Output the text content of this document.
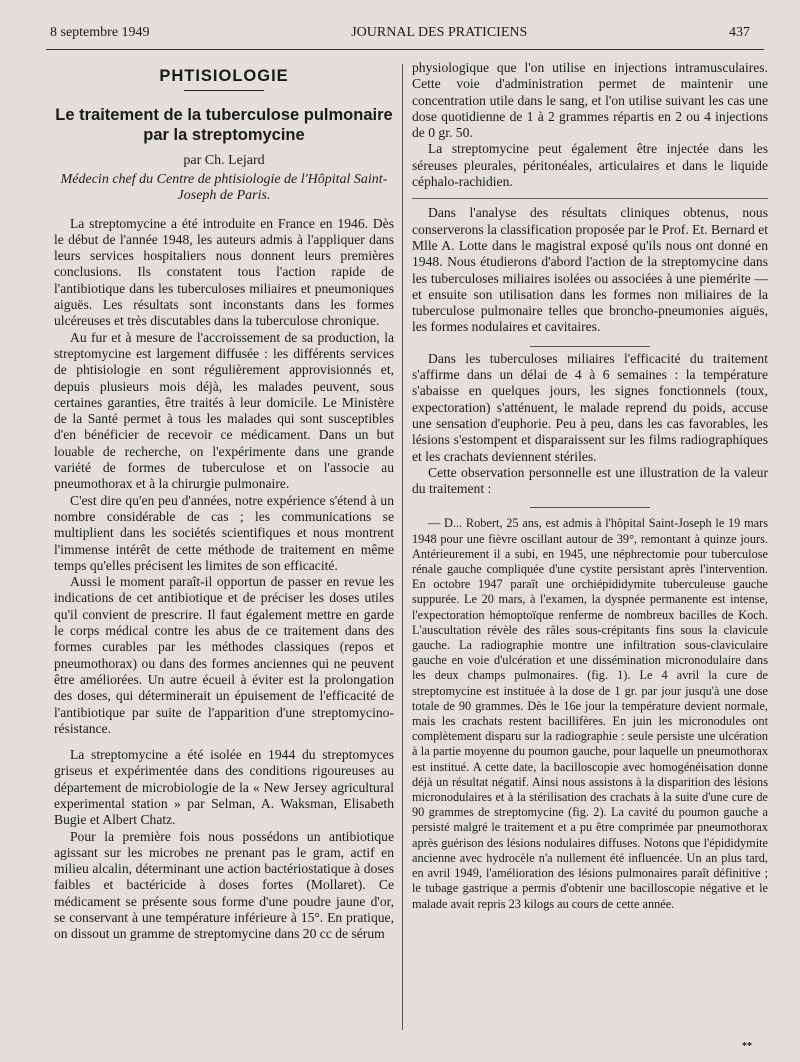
8 septembre 1949	JOURNAL DES PRATICIENS	437
PHTISIOLOGIE
Le traitement de la tuberculose pulmonaire par la streptomycine
par Ch. Lejard
Médecin chef du Centre de phtisiologie de l'Hôpital Saint-Joseph de Paris.

La streptomycine a été introduite en France en 1946. Dès le début de l'année 1948, les auteurs admis à l'appliquer dans leurs services hospitaliers nous donnent leurs premières conclusions. Ils constatent tous l'action rapide de l'antibiotique dans les tuberculoses miliaires et pneumoniques aiguës. Les résultats sont inconstants dans les formes ulcéreuses et très discutables dans la tuberculose chronique.

Au fur et à mesure de l'accroissement de sa production, la streptomycine est largement diffusée : les différents services de phtisiologie en sont régulièrement approvisionnés et, depuis plusieurs mois déjà, les malades peuvent, sous certaines garanties, être traités à leur domicile. Le Ministère de la Santé permet à tous les malades qui sont susceptibles d'en bénéficier de recevoir ce médicament. Dans un but louable de recherche, on l'expérimente dans une grande variété de formes de tuberculose et on l'associe au pneumothorax et à la chirurgie pulmonaire.

C'est dire qu'en peu d'années, notre expérience s'étend à un nombre considérable de cas ; les communications se multiplient dans les sociétés scientifiques et nous montrent l'immense intérêt de cette méthode de traitement en même temps qu'elles précisent les limites de son efficacité.

Aussi le moment paraît-il opportun de passer en revue les indications de cet antibiotique et de préciser les doses utiles qu'il convient de prescrire. Il faut également mettre en garde le corps médical contre les abus de ce traitement dans des formes curables par les méthodes classiques (repos et pneumothorax) ou dans des formes anciennes qui ne peuvent être améliorées. Un autre écueil à éviter est la prolongation des doses, qui déterminerait un épuisement de l'efficacité de l'antibiotique par suite de l'apparition d'une streptomycino-résistance.

La streptomycine a été isolée en 1944 du streptomyces griseus et expérimentée dans des conditions rigoureuses au département de microbiologie de la « New Jersey agricultural experimental station » par Selman, A. Waksman, Elisabeth Bugie et Albert Chatz.

Pour la première fois nous possédons un antibiotique agissant sur les microbes ne prenant pas le gram, actif en milieu alcalin, déterminant une action bactériostatique à doses faibles et bactéricide à doses fortes (Mollaret). Ce médicament se présente sous forme d'une poudre jaune d'or, se conservant à une température inférieure à 15°. En pratique, on dissout un gramme de streptomycine dans 20 cc de sérum

physiologique que l'on utilise en injections intramusculaires. Cette voie d'administration permet de maintenir une concentration utile dans le sang, et l'on utilise suivant les cas une dose quotidienne de 1 à 2 grammes répartis en 2 ou 4 injections de 0 gr. 50.

La streptomycine peut également être injectée dans les séreuses pleurales, péritonéales, articulaires et dans le liquide céphalo-rachidien.

Dans l'analyse des résultats cliniques obtenus, nous conserverons la classification proposée par le Prof. Et. Bernard et Mlle A. Lotte dans le magistral exposé qu'ils nous ont donné en 1948. Nous étudierons d'abord l'action de la streptomycine dans les tuberculoses miliaires isolées ou associées à une piemérite — et ensuite son utilisation dans les formes non miliaires de la tuberculose pulmonaire telles que broncho-pneumonies aiguës, les formes nodulaires et cavitaires.

Dans les tuberculoses miliaires l'efficacité du traitement s'affirme dans un délai de 4 à 6 semaines : la température s'abaisse en quelques jours, les signes fonctionnels (toux, expectoration) s'atténuent, le malade reprend du poids, accuse une sensation d'euphorie. Peu à peu, dans les cas favorables, les lésions s'estompent et disparaissent sur les films radiographiques et les crachats deviennent stériles.

Cette observation personnelle est une illustration de la valeur du traitement :

— D... Robert, 25 ans, est admis à l'hôpital Saint-Joseph le 19 mars 1948 pour une fièvre oscillant autour de 39°, remontant à quinze jours. Antérieurement il a subi, en 1945, une néphrectomie pour tuberculose rénale gauche compliquée d'une cystite persistant après l'intervention. En octobre 1947 paraît une orchiépididymite tuberculeuse gauche suppurée. Le 20 mars, à l'examen, la dyspnée permanente est intense, l'expectoration hémoptoïque renferme de nombreux bacilles de Koch. L'auscultation révèle des râles sous-crépitants fins sous la clavicule gauche. La radiographie montre une infiltration sous-claviculaire gauche en voie d'ulcération et une dissémination micronodulaire dans les deux champs pulmonaires. (fig. 1). Le 4 avril la cure de streptomycine est instituée à la dose de 1 gr. par jour jusqu'à une dose totale de 90 grammes. Dès le 16e jour la température devient normale, mais les crachats restent bacillifères. En juin les micronodules ont complètement disparu sur la radiographie : seule persiste une ulcération à la partie moyenne du poumon gauche, pour laquelle un pneumothorax est institué. A cette date, la bacilloscopie avec homogénéisation donne déjà un résultat négatif. Ainsi nous assistons à la disparition des lésions micronodulaires et à la stérilisation des crachats à la suite d'une cure de 90 grammes de streptomycine (fig. 2). La cavité du poumon gauche a persisté malgré le traitement et a pu être comprimée par pneumothorax après guérison des lésions nodulaires diffuses. Notons que l'épididymite ancienne avec hydrocèle n'a nullement été influencée. Un an plus tard, en avril 1949, l'amélioration des lésions pulmonaires paraît définitive ; le tubage gastrique a permis d'obtenir une bacilloscopie négative et le malade avait repris 23 kilogs au cours de cette année.

**
